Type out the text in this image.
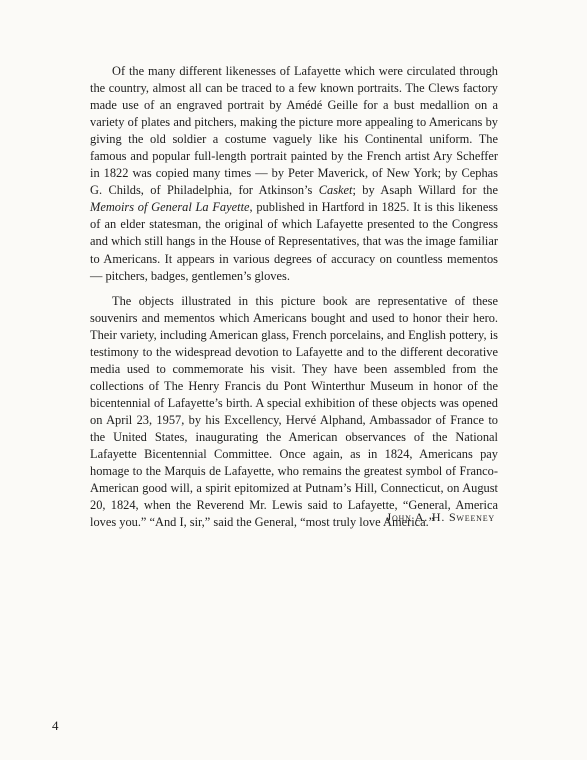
Of the many different likenesses of Lafayette which were circulated through the country, almost all can be traced to a few known portraits. The Clews factory made use of an engraved portrait by Amédé Geille for a bust medallion on a variety of plates and pitchers, making the picture more appealing to Americans by giving the old soldier a costume vaguely like his Continental uniform. The famous and popular full-length portrait painted by the French artist Ary Scheffer in 1822 was copied many times — by Peter Maverick, of New York; by Cephas G. Childs, of Philadelphia, for Atkinson’s Casket; by Asaph Willard for the Memoirs of General La Fayette, published in Hartford in 1825. It is this likeness of an elder statesman, the original of which Lafayette presented to the Congress and which still hangs in the House of Representatives, that was the image familiar to Americans. It appears in various degrees of accuracy on countless mementos — pitchers, badges, gentlemen’s gloves.

The objects illustrated in this picture book are representative of these souvenirs and mementos which Americans bought and used to honor their hero. Their variety, including American glass, French porcelains, and English pottery, is testimony to the widespread devotion to Lafayette and to the different decorative media used to commemorate his visit. They have been assembled from the collections of The Henry Francis du Pont Winterthur Museum in honor of the bicentennial of Lafayette’s birth. A special exhibition of these objects was opened on April 23, 1957, by his Excellency, Hervé Alphand, Ambassador of France to the United States, inaugurating the American observances of the National Lafayette Bicentennial Committee. Once again, as in 1824, Americans pay homage to the Marquis de Lafayette, who remains the greatest symbol of Franco-American good will, a spirit epitomized at Putnam’s Hill, Connecticut, on August 20, 1824, when the Reverend Mr. Lewis said to Lafayette, “General, America loves you.” “And I, sir,” said the General, “most truly love America.”

John A. H. Sweeney
4
